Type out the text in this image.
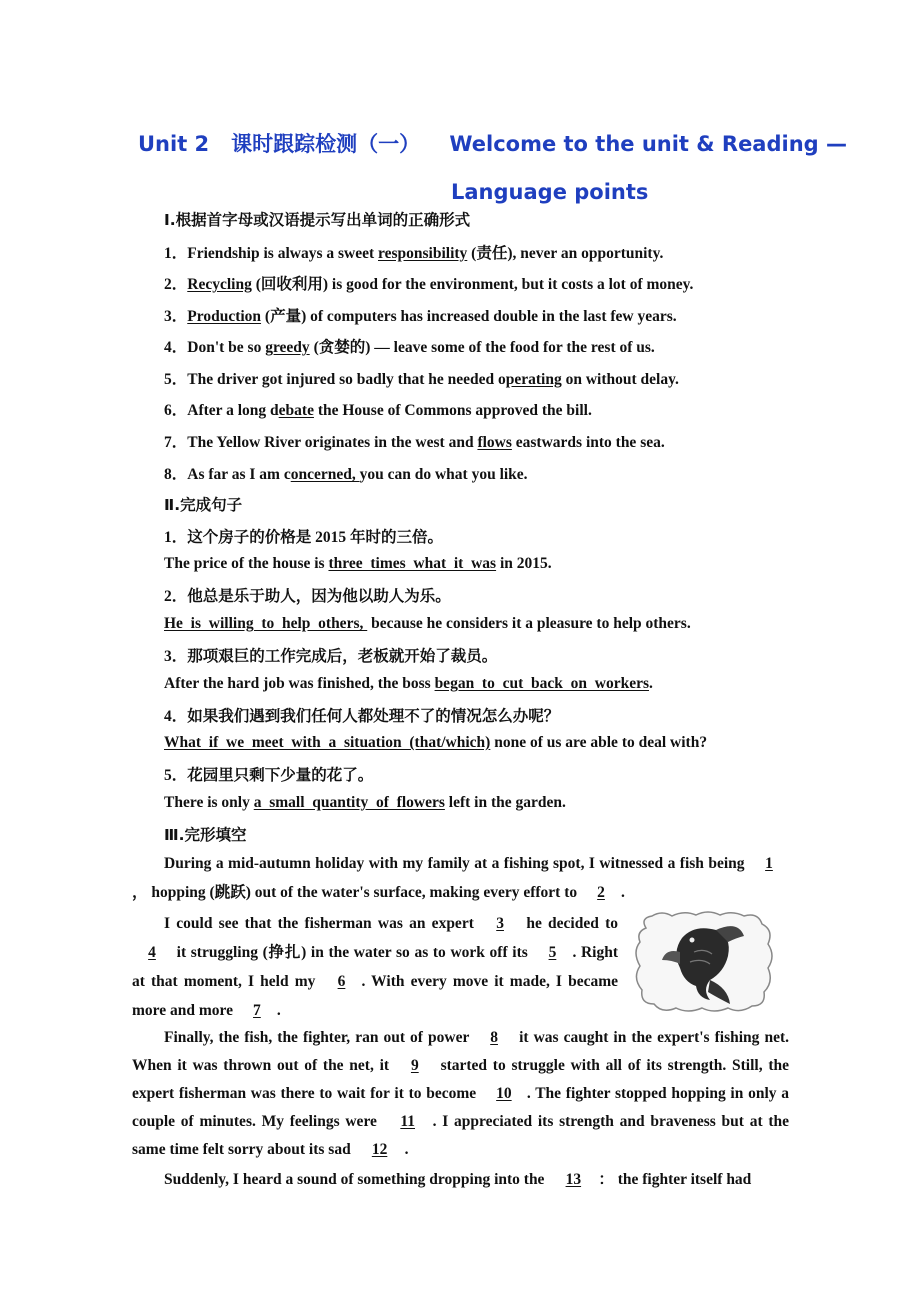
Unit 2   课时跟踪检测（一）    Welcome to the unit & Reading —
Language points
Ⅰ.根据首字母或汉语提示写出单词的正确形式
1．Friendship is always a sweet responsibility (责任), never an opportunity.
2．Recycling (回收利用) is good for the environment, but it costs a lot of money.
3．Production (产量) of computers has increased double in the last few years.
4．Don't be so greedy (贪婪的) — leave some of the food for the rest of us.
5．The driver got injured so badly that he needed operating on without delay.
6．After a long debate the House of Commons approved the bill.
7．The Yellow River originates in the west and flows eastwards into the sea.
8．As far as I am concerned, you can do what you like.
Ⅱ.完成句子
1．这个房子的价格是 2015 年时的三倍。
The price of the house is three  times  what  it  was in 2015.
2．他总是乐于助人，因为他以助人为乐。
He  is  willing  to  help  others,  because he considers it a pleasure to help others.
3．那项艰巨的工作完成后，老板就开始了裁员。
After the hard job was finished, the boss began  to  cut  back  on  workers.
4．如果我们遇到我们任何人都处理不了的情况怎么办呢？
What  if  we  meet  with  a  situation  (that/which) none of us are able to deal with?
5．花园里只剩下少量的花了。
There is only a  small  quantity  of  flowers left in the garden.
Ⅲ.完形填空
During a mid-autumn holiday with my family at a fishing spot, I witnessed a fish being 1， hopping (跳跃) out of the water's surface, making every effort to 2 .
I could see that the fisherman was an expert 3 he decided to 4 it struggling (挣扎) in the water so as to work off its 5 . Right at that moment, I held my 6 . With every move it made, I became more and more 7 .
Finally, the fish, the fighter, ran out of power 8 it was caught in the expert's fishing net. When it was thrown out of the net, it 9 started to struggle with all of its strength. Still, the expert fisherman was there to wait for it to become 10 . The fighter stopped hopping in only a couple of minutes. My feelings were 11 . I appreciated its strength and braveness but at the same time felt sorry about its sad 12 .
Suddenly, I heard a sound of something dropping into the 13 ： the fighter itself had
